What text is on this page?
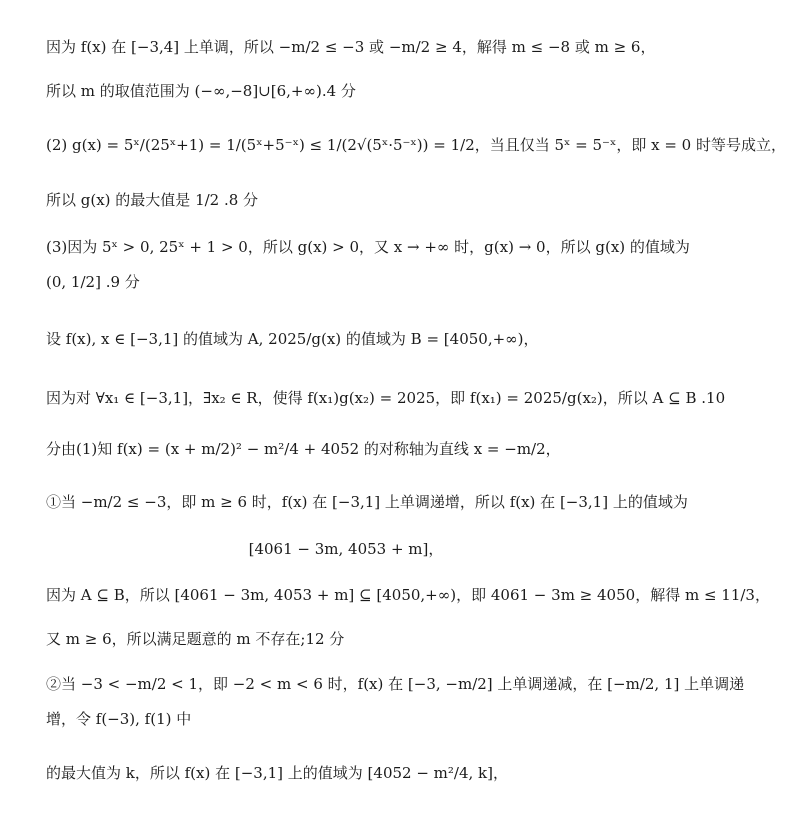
因为 f(x) 在 [−3,4] 上单调，所以 −m/2 ≤ −3 或 −m/2 ≥ 4，解得 m ≤ −8 或 m ≥ 6，
所以 m 的取值范围为 (−∞,−8]∪[6,+∞).4 分
(2) g(x) = 5ˣ/(25ˣ+1) = 1/(5ˣ+5⁻ˣ) ≤ 1/(2√(5ˣ·5⁻ˣ)) = 1/2，当且仅当 5ˣ = 5⁻ˣ，即 x = 0 时等号成立，
所以 g(x) 的最大值是 1/2 .8 分
(3)因为 5ˣ > 0, 25ˣ + 1 > 0，所以 g(x) > 0，又 x → +∞ 时，g(x) → 0，所以 g(x) 的值域为
(0, 1/2] .9 分
设 f(x), x ∈ [−3,1] 的值域为 A, 2025/g(x) 的值域为 B = [4050,+∞)，
因为对 ∀x₁ ∈ [−3,1]，∃x₂ ∈ R，使得 f(x₁)g(x₂) = 2025，即 f(x₁) = 2025/g(x₂)，所以 A ⊆ B .10
分由(1)知 f(x) = (x + m/2)² − m²/4 + 4052 的对称轴为直线 x = −m/2，
①当 −m/2 ≤ −3，即 m ≥ 6 时，f(x) 在 [−3,1] 上单调递增，所以 f(x) 在 [−3,1] 上的值域为
[4061 − 3m, 4053 + m]，
因为 A ⊆ B，所以 [4061 − 3m, 4053 + m] ⊆ [4050,+∞)，即 4061 − 3m ≥ 4050，解得 m ≤ 11/3，
又 m ≥ 6，所以满足题意的 m 不存在;12 分
②当 −3 < −m/2 < 1，即 −2 < m < 6 时，f(x) 在 [−3, −m/2] 上单调递减，在 [−m/2, 1] 上单调递
增，令 f(−3), f(1) 中
的最大值为 k，所以 f(x) 在 [−3,1] 上的值域为 [4052 − m²/4, k]，
